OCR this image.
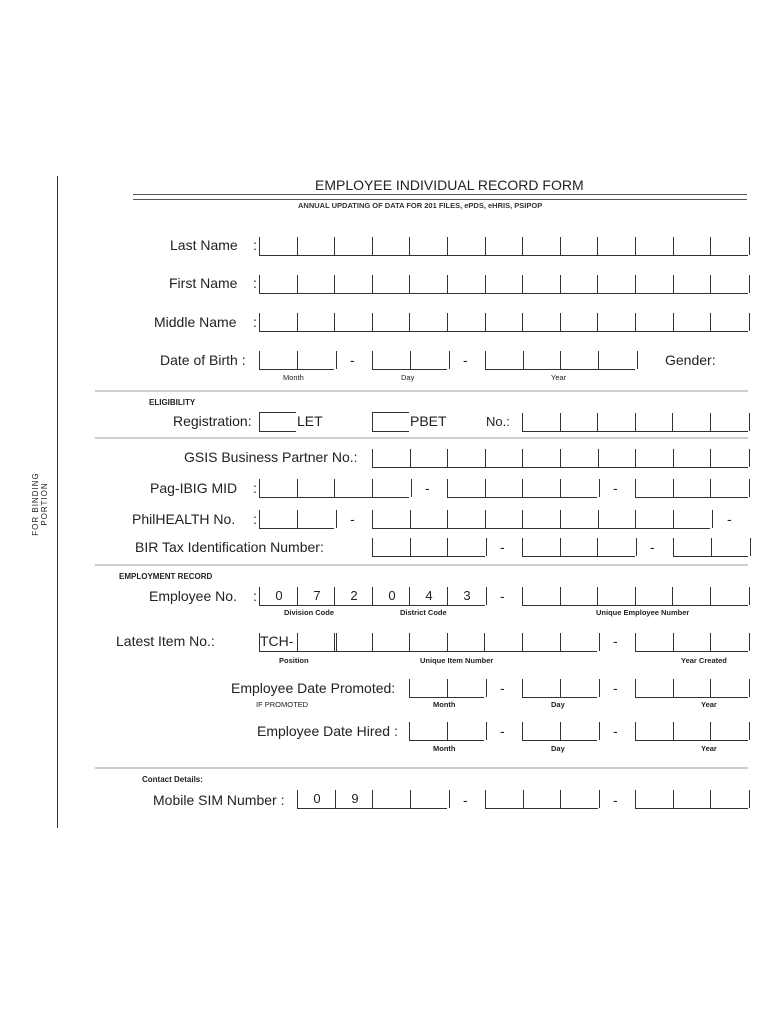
FOR BINDING PORTION
EMPLOYEE INDIVIDUAL RECORD FORM
ANNUAL UPDATING OF DATA FOR 201 FILES, ePDS, eHRIS, PSIPOP
Last Name :
First Name :
Middle Name :
Date of Birth :	-	-	Gender:
Month	Day	Year
ELIGIBILITY
Registration:	LET	PBET	No.:
GSIS Business Partner No.:
Pag-IBIG MID :	-	-
PhilHEALTH No. :	-	-
BIR Tax Identification Number:	-	-
EMPLOYMENT RECORD
Employee No. :	0	7	2	0	4	3	-
Division Code	District Code	Unique Employee Number
Latest Item No.:	TCH-	-
Position	Unique Item Number	Year Created
Employee Date Promoted:	-	-
IF PROMOTED	Month	Day	Year
Employee Date Hired :	-	-
Month	Day	Year
Contact Details:
Mobile SIM Number :	0	9	-	-
